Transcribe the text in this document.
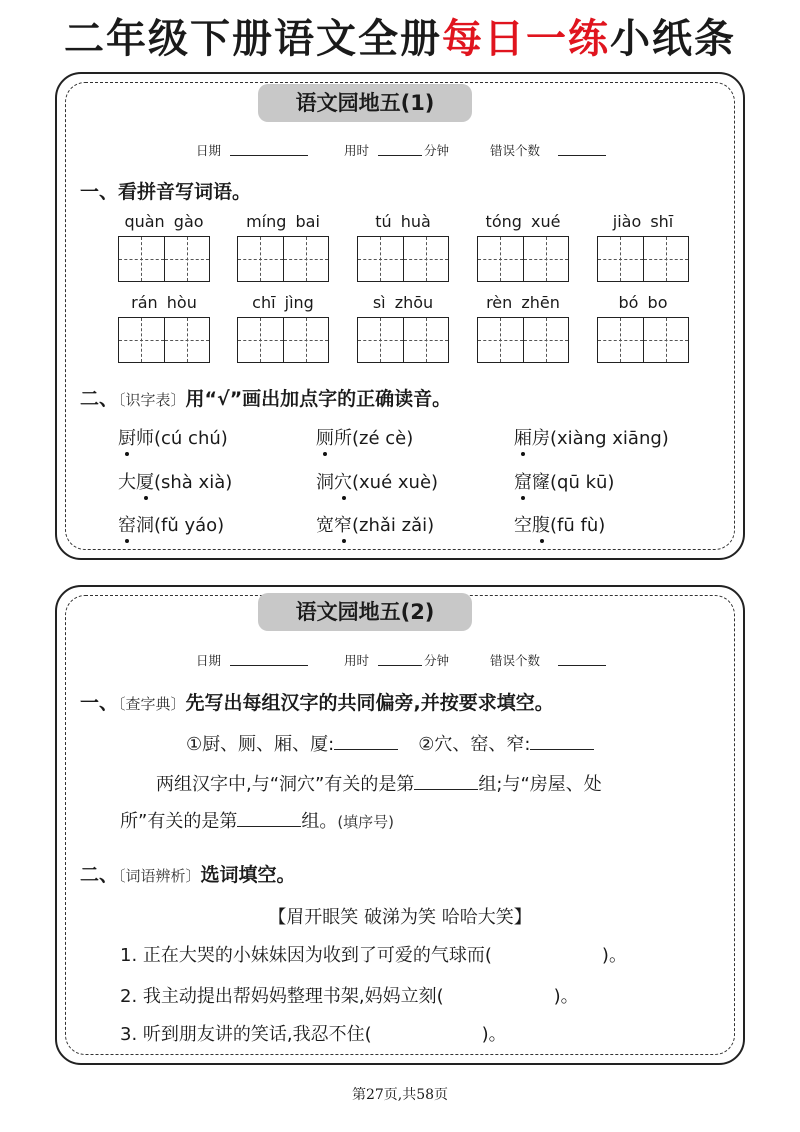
二年级下册语文全册每日一练小纸条
语文园地五(1)
日期	用时	分钟	错误个数
一、看拼音写词语。
quàn gào	míng bai	tú huà	tóng xué	jiào shī
rán hòu	chī jìng	sì zhōu	rèn zhēn	bó bo
二、〔识字表〕用“√”画出加点字的正确读音。
厨师(cú chú)	厕所(zé cè)	厢房(xiàng xiāng)
大厦(shà xià)	洞穴(xué xuè)	窟窿(qū kū)
窑洞(fǔ yáo)	宽窄(zhǎi zǎi)	空腹(fū fù)
语文园地五(2)
日期	用时	分钟	错误个数
一、〔查字典〕先写出每组汉字的共同偏旁,并按要求填空。
①厨、厕、厢、厦:	②穴、窑、窄:
两组汉字中,与“洞穴”有关的是第	组;与“房屋、处
所”有关的是第	组。(填序号)
二、〔词语辨析〕选词填空。
【眉开眼笑 破涕为笑 哈哈大笑】
1. 正在大哭的小妹妹因为收到了可爱的气球而(	)。
2. 我主动提出帮妈妈整理书架,妈妈立刻(	)。
3. 听到朋友讲的笑话,我忍不住(	)。
第27页,共58页
